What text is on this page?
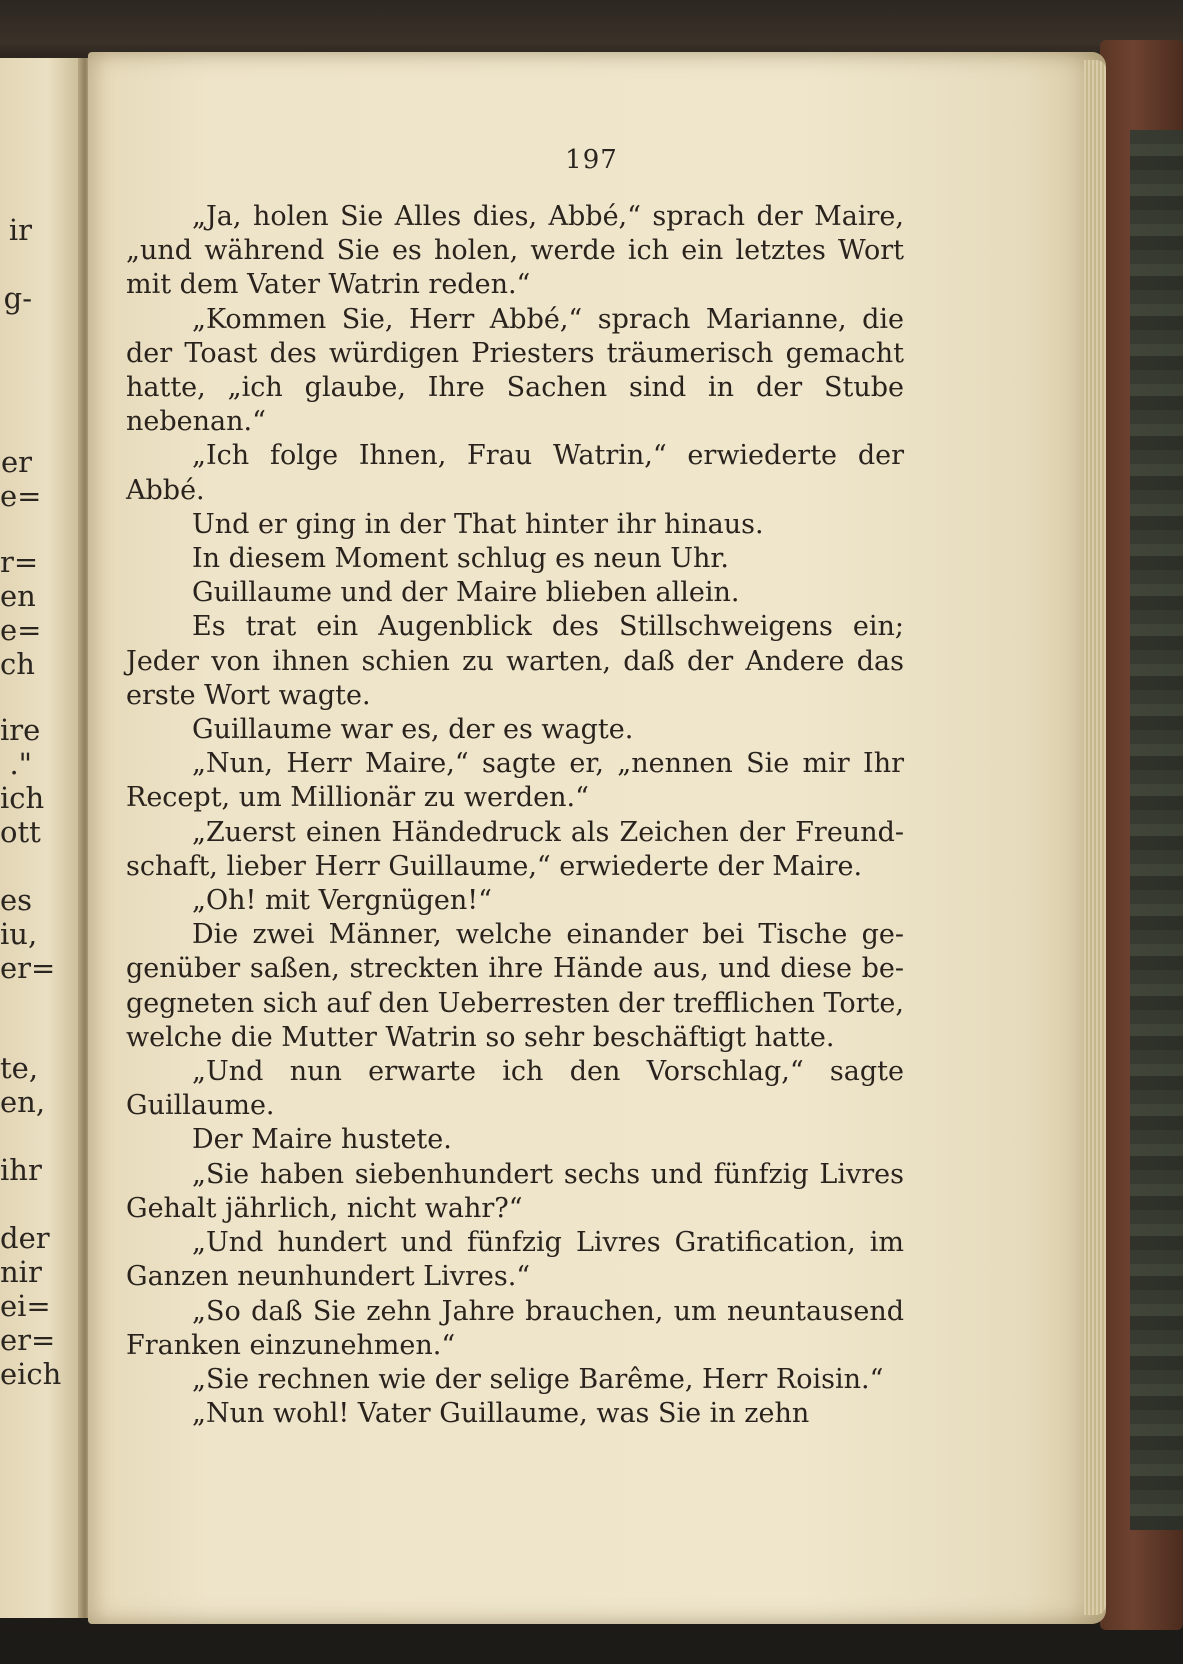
ir
g-
er
e=
r=
en
e=
ch
ire
."
ich
ott
es
iu,
er=
te,
en,
ihr
der
nir
ei=
er=
eich
197

„Ja, holen Sie Alles dies, Abbé,“ sprach der Maire, „und während Sie es holen, werde ich ein letztes Wort mit dem Vater Watrin reden.“

„Kommen Sie, Herr Abbé,“ sprach Marianne, die der Toast des würdigen Priesters träumerisch gemacht hatte, „ich glaube, Ihre Sachen sind in der Stube nebenan.“

„Ich folge Ihnen, Frau Watrin,“ erwiederte der Abbé.

Und er ging in der That hinter ihr hinaus.

In diesem Moment schlug es neun Uhr.

Guillaume und der Maire blieben allein.

Es trat ein Augenblick des Stillschweigens ein; Jeder von ihnen schien zu warten, daß der Andere das erste Wort wagte.

Guillaume war es, der es wagte.

„Nun, Herr Maire,“ sagte er, „nennen Sie mir Ihr Recept, um Millionär zu werden.“

„Zuerst einen Händedruck als Zeichen der Freundschaft, lieber Herr Guillaume,“ erwiederte der Maire.

„Oh! mit Vergnügen!“

Die zwei Männer, welche einander bei Tische gegenüber saßen, streckten ihre Hände aus, und diese begegneten sich auf den Ueberresten der trefflichen Torte, welche die Mutter Watrin so sehr beschäftigt hatte.

„Und nun erwarte ich den Vorschlag,“ sagte Guillaume.

Der Maire hustete.

„Sie haben siebenhundert sechs und fünfzig Livres Gehalt jährlich, nicht wahr?“

„Und hundert und fünfzig Livres Gratification, im Ganzen neunhundert Livres.“

„So daß Sie zehn Jahre brauchen, um neuntausend Franken einzunehmen.“

„Sie rechnen wie der selige Barême, Herr Roisin.“

„Nun wohl! Vater Guillaume, was Sie in zehn
